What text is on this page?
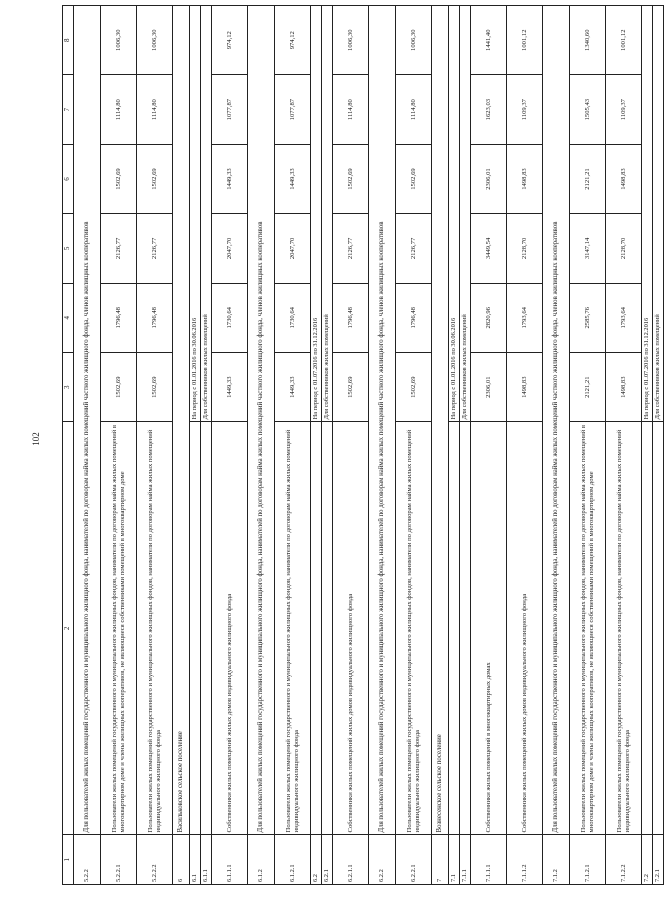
102
1	2	3	4	5	6	7	8
5.2.2	Для пользователей жилых помещений государственного и муниципального жилищного фонда, нанимателей по договорам найма жилых помещений частного жилищного фонда, членов жилищных кооперативов						
5.2.2.1	Пользователи жилых помещений государственного и муниципального жилищных фондов, наниматели по договорам найма жилых помещений в многоквартирном доме и члены жилищных кооперативов, не являющиеся собственниками помещений в многоквартирном доме	1502,69	1796,48	2126,77	1502,69	1114,80	1006,30
5.2.2.2	Пользователи жилых помещений государственного и муниципального жилищных фондов, наниматели по договорам найма жилых помещений индивидуального жилищного фонда	1502,69	1796,48	2126,77	1502,69	1114,80	1006,30
6	Васильковское сельское поселение						
6.1		На период с 01.01.2016 по 30.06.2016					
6.1.1		Для собственников жилых помещений					
6.1.1.1	Собственники жилых помещений жилых домов индивидуального жилищного фонда	1449,33	1730,64	2047,70	1449,33	1077,87	974,12
6.1.2	Для пользователей жилых помещений государственного и муниципального жилищного фонда, нанимателей по договорам найма жилых помещений частного жилищного фонда, членов жилищных кооперативов						
6.1.2.1	Пользователи жилых помещений государственного и муниципального жилищных фондов, наниматели по договорам найма жилых помещений индивидуального жилищного фонда	1449,33	1730,64	2047,70	1449,33	1077,87	974,12
6.2		На период с 01.07.2016 по 31.12.2016					
6.2.1		Для собственников жилых помещений					
6.2.1.1	Собственники жилых помещений жилых домов индивидуального жилищного фонда	1502,69	1796,48	2126,77	1502,69	1114,80	1006,30
6.2.2	Для пользователей жилых помещений государственного и муниципального жилищного фонда, нанимателей по договорам найма жилых помещений частного жилищного фонда, членов жилищных кооперативов						
6.2.2.1	Пользователи жилых помещений государственного и муниципального жилищных фондов, наниматели по договорам найма жилых помещений индивидуального жилищного фонда	1502,69	1796,48	2126,77	1502,69	1114,80	1006,30
7	Вознесенское сельское поселение						
7.1		На период с 01.01.2016 по 30.06.2016					
7.1.1		Для собственников жилых помещений					
7.1.1.1	Собственники жилых помещений в многоквартирных домах	2306,01	2820,96	3449,54	2306,01	1623,03	1441,40
7.1.1.2	Собственники жилых помещений жилых домов индивидуального жилищного фонда	1498,83	1793,64	2128,70	1498,83	1109,37	1001,12
7.1.2	Для пользователей жилых помещений государственного и муниципального жилищного фонда, нанимателей по договорам найма жилых помещений частного жилищного фонда, членов жилищных кооперативов						
7.1.2.1	Пользователи жилых помещений государственного и муниципального жилищных фондов, наниматели по договорам найма жилых помещений в многоквартирном доме и члены жилищных кооперативов, не являющиеся собственниками помещений в многоквартирном доме	2121,21	2585,76	3147,14	2121,21	1505,43	1340,60
7.1.2.2	Пользователи жилых помещений государственного и муниципального жилищных фондов, наниматели по договорам найма жилых помещений индивидуального жилищного фонда	1498,83	1793,64	2128,70	1498,83	1109,37	1001,12
7.2		На период с 01.07.2016 по 31.12.2016					
7.2.1		Для собственников жилых помещений					
